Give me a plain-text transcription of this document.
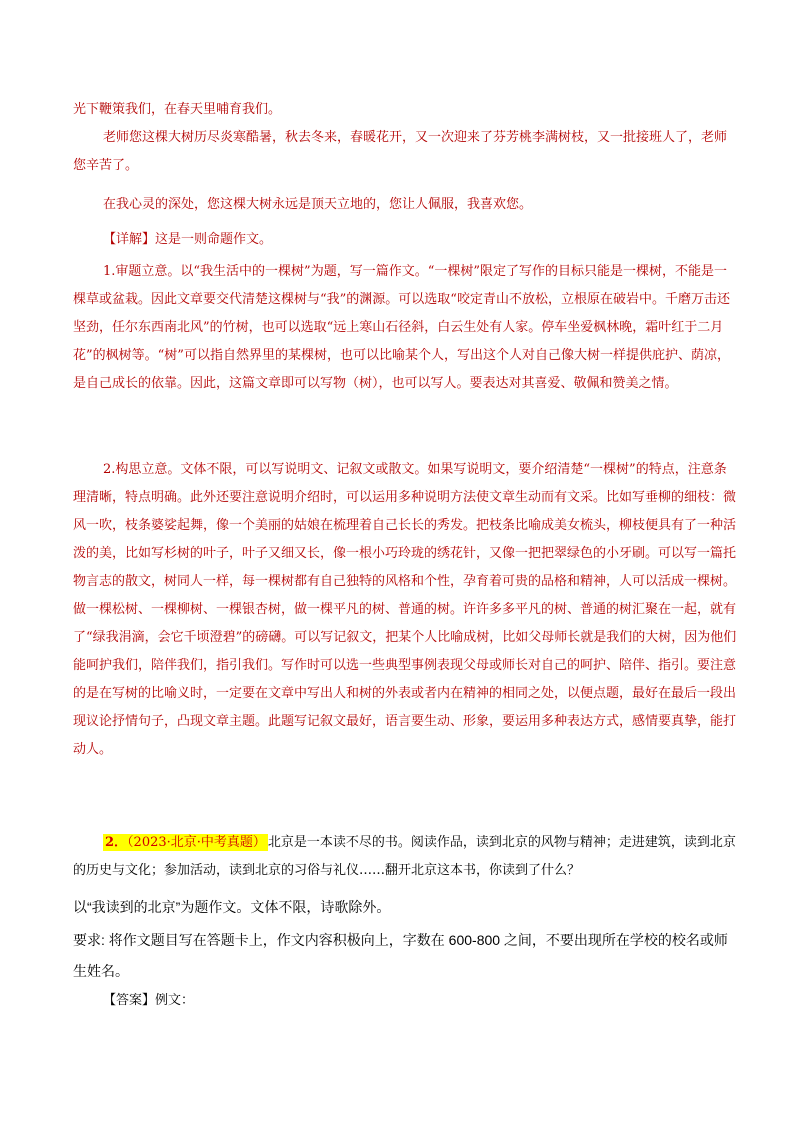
光下鞭策我们，在春天里哺育我们。

老师您这棵大树历尽炎寒酷暑，秋去冬来，春暖花开，又一次迎来了芬芳桃李满树枝，又一批接班人了，老师您辛苦了。

在我心灵的深处，您这棵大树永远是顶天立地的，您让人佩服，我喜欢您。

【详解】这是一则命题作文。

1.审题立意。以“我生活中的一棵树”为题，写一篇作文。“一棵树”限定了写作的目标只能是一棵树，不能是一棵草或盆栽。因此文章要交代清楚这棵树与“我”的渊源。可以选取“咬定青山不放松，立根原在破岩中。千磨万击还坚劲，任尔东西南北风”的竹树，也可以选取“远上寒山石径斜，白云生处有人家。停车坐爱枫林晚，霜叶红于二月花”的枫树等。“树”可以指自然界里的某棵树，也可以比喻某个人，写出这个人对自己像大树一样提供庇护、荫凉，是自己成长的依靠。因此，这篇文章即可以写物（树），也可以写人。要表达对其喜爱、敬佩和赞美之情。

2.构思立意。文体不限，可以写说明文、记叙文或散文。如果写说明文，要介绍清楚“一棵树”的特点，注意条理清晰，特点明确。此外还要注意说明介绍时，可以运用多种说明方法使文章生动而有文采。比如写垂柳的细枝：微风一吹，枝条婆娑起舞，像一个美丽的姑娘在梳理着自己长长的秀发。把枝条比喻成美女梳头，柳枝便具有了一种活泼的美，比如写杉树的叶子，叶子又细又长，像一根小巧玲珑的绣花针，又像一把把翠绿色的小牙刷。可以写一篇托物言志的散文，树同人一样，每一棵树都有自己独特的风格和个性，孕育着可贵的品格和精神，人可以活成一棵树。做一棵松树、一棵柳树、一棵银杏树，做一棵平凡的树、普通的树。许许多多平凡的树、普通的树汇聚在一起，就有了“绿我涓滴，会它千顷澄碧”的磅礴。可以写记叙文，把某个人比喻成树，比如父母师长就是我们的大树，因为他们能呵护我们，陪伴我们，指引我们。写作时可以选一些典型事例表现父母或师长对自己的呵护、陪伴、指引。要注意的是在写树的比喻义时，一定要在文章中写出人和树的外表或者内在精神的相同之处，以便点题，最好在最后一段出现议论抒情句子，凸现文章主题。此题写记叙文最好，语言要生动、形象，要运用多种表达方式，感情要真挚，能打动人。

2．（2023·北京·中考真题） 北京是一本读不尽的书。阅读作品，读到北京的风物与精神；走进建筑，读到北京的历史与文化；参加活动，读到北京的习俗与礼仪……翻开北京这本书，你读到了什么？

以“我读到的北京”为题作文。文体不限，诗歌除外。

要求: 将作文题目写在答题卡上，作文内容积极向上，字数在 600-800 之间，不要出现所在学校的校名或师生姓名。

【答案】例文：
